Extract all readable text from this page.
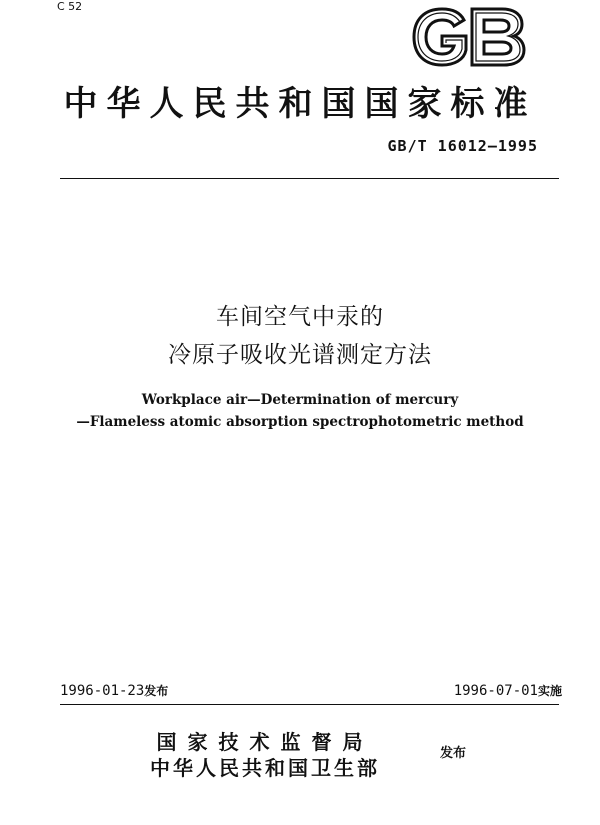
C 52
中华人民共和国国家标准
GB/T 16012—1995
车间空气中汞的
冷原子吸收光谱测定方法
Workplace air—Determination of mercury
—Flameless atomic absorption spectrophotometric method
1996-01-23发布	1996-07-01实施
国家技术监督局
中华人民共和国卫生部
发布
